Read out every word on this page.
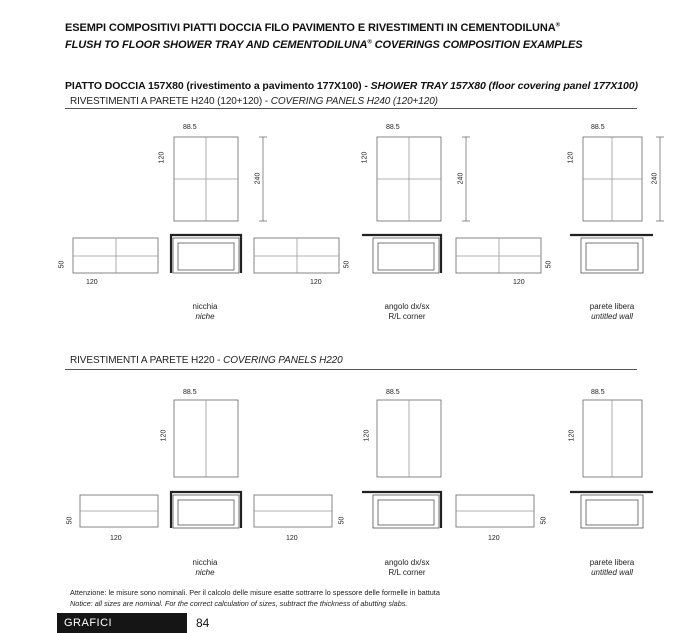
ESEMPI COMPOSITIVI PIATTI DOCCIA FILO PAVIMENTO E RIVESTIMENTI IN CEMENTODILUNA®
FLUSH TO FLOOR SHOWER TRAY AND CEMENTODILUNA® COVERINGS COMPOSITION EXAMPLES
PIATTO DOCCIA 157X80 (rivestimento a pavimento 177X100) - SHOWER TRAY 157X80 (floor covering panel 177X100)
RIVESTIMENTI A PARETE H240 (120+120) - COVERING PANELS H240 (120+120)
RIVESTIMENTI A PARETE H220 - COVERING PANELS H220
88.5	88.5	88.5
120	120	120
240	240	240
50	50	50
120	120	120
nicchia
niche
angolo dx/sx
R/L corner
parete libera
untitled wall
88.5	88.5	88.5
120	120	120
50	50	50
120	120	120
nicchia
niche
angolo dx/sx
R/L corner
parete libera
untitled wall
Attenzione: le misure sono nominali. Per il calcolo delle misure esatte sottrarre lo spessore delle formelle in battuta
Notice: all sizes are nominal. For the correct calculation of sizes, subtract the thickness of abutting slabs.
GRAFICI	84
